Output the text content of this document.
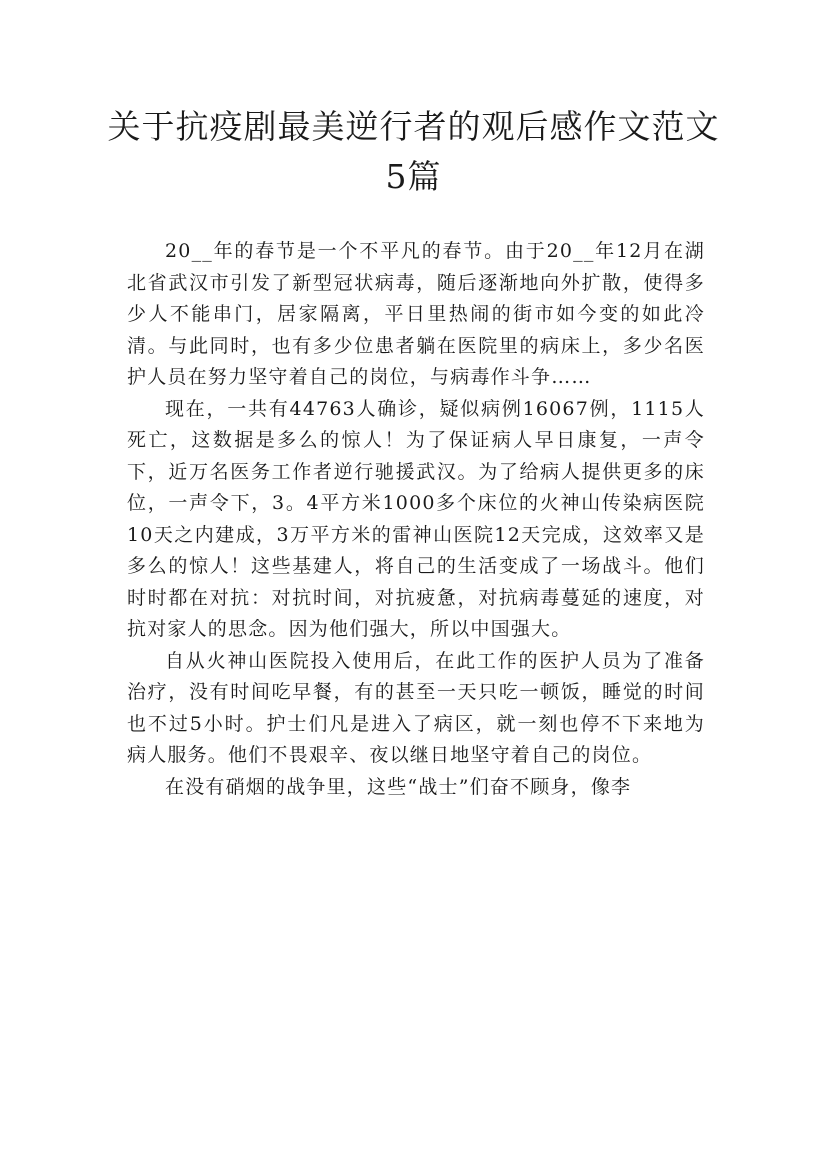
关于抗疫剧最美逆行者的观后感作文范文
5篇

20__年的春节是一个不平凡的春节。由于20__年12月在湖北省武汉市引发了新型冠状病毒，随后逐渐地向外扩散，使得多少人不能串门，居家隔离，平日里热闹的街市如今变的如此冷清。与此同时，也有多少位患者躺在医院里的病床上，多少名医护人员在努力坚守着自己的岗位，与病毒作斗争……

现在，一共有44763人确诊，疑似病例16067例，1115人死亡，这数据是多么的惊人！为了保证病人早日康复，一声令下，近万名医务工作者逆行驰援武汉。为了给病人提供更多的床位，一声令下，3。4平方米1000多个床位的火神山传染病医院10天之内建成，3万平方米的雷神山医院12天完成，这效率又是多么的惊人！这些基建人，将自己的生活变成了一场战斗。他们时时都在对抗：对抗时间，对抗疲惫，对抗病毒蔓延的速度，对抗对家人的思念。因为他们强大，所以中国强大。

自从火神山医院投入使用后，在此工作的医护人员为了准备治疗，没有时间吃早餐，有的甚至一天只吃一顿饭，睡觉的时间也不过5小时。护士们凡是进入了病区，就一刻也停不下来地为病人服务。他们不畏艰辛、夜以继日地坚守着自己的岗位。

在没有硝烟的战争里，这些“战士”们奋不顾身，像李
